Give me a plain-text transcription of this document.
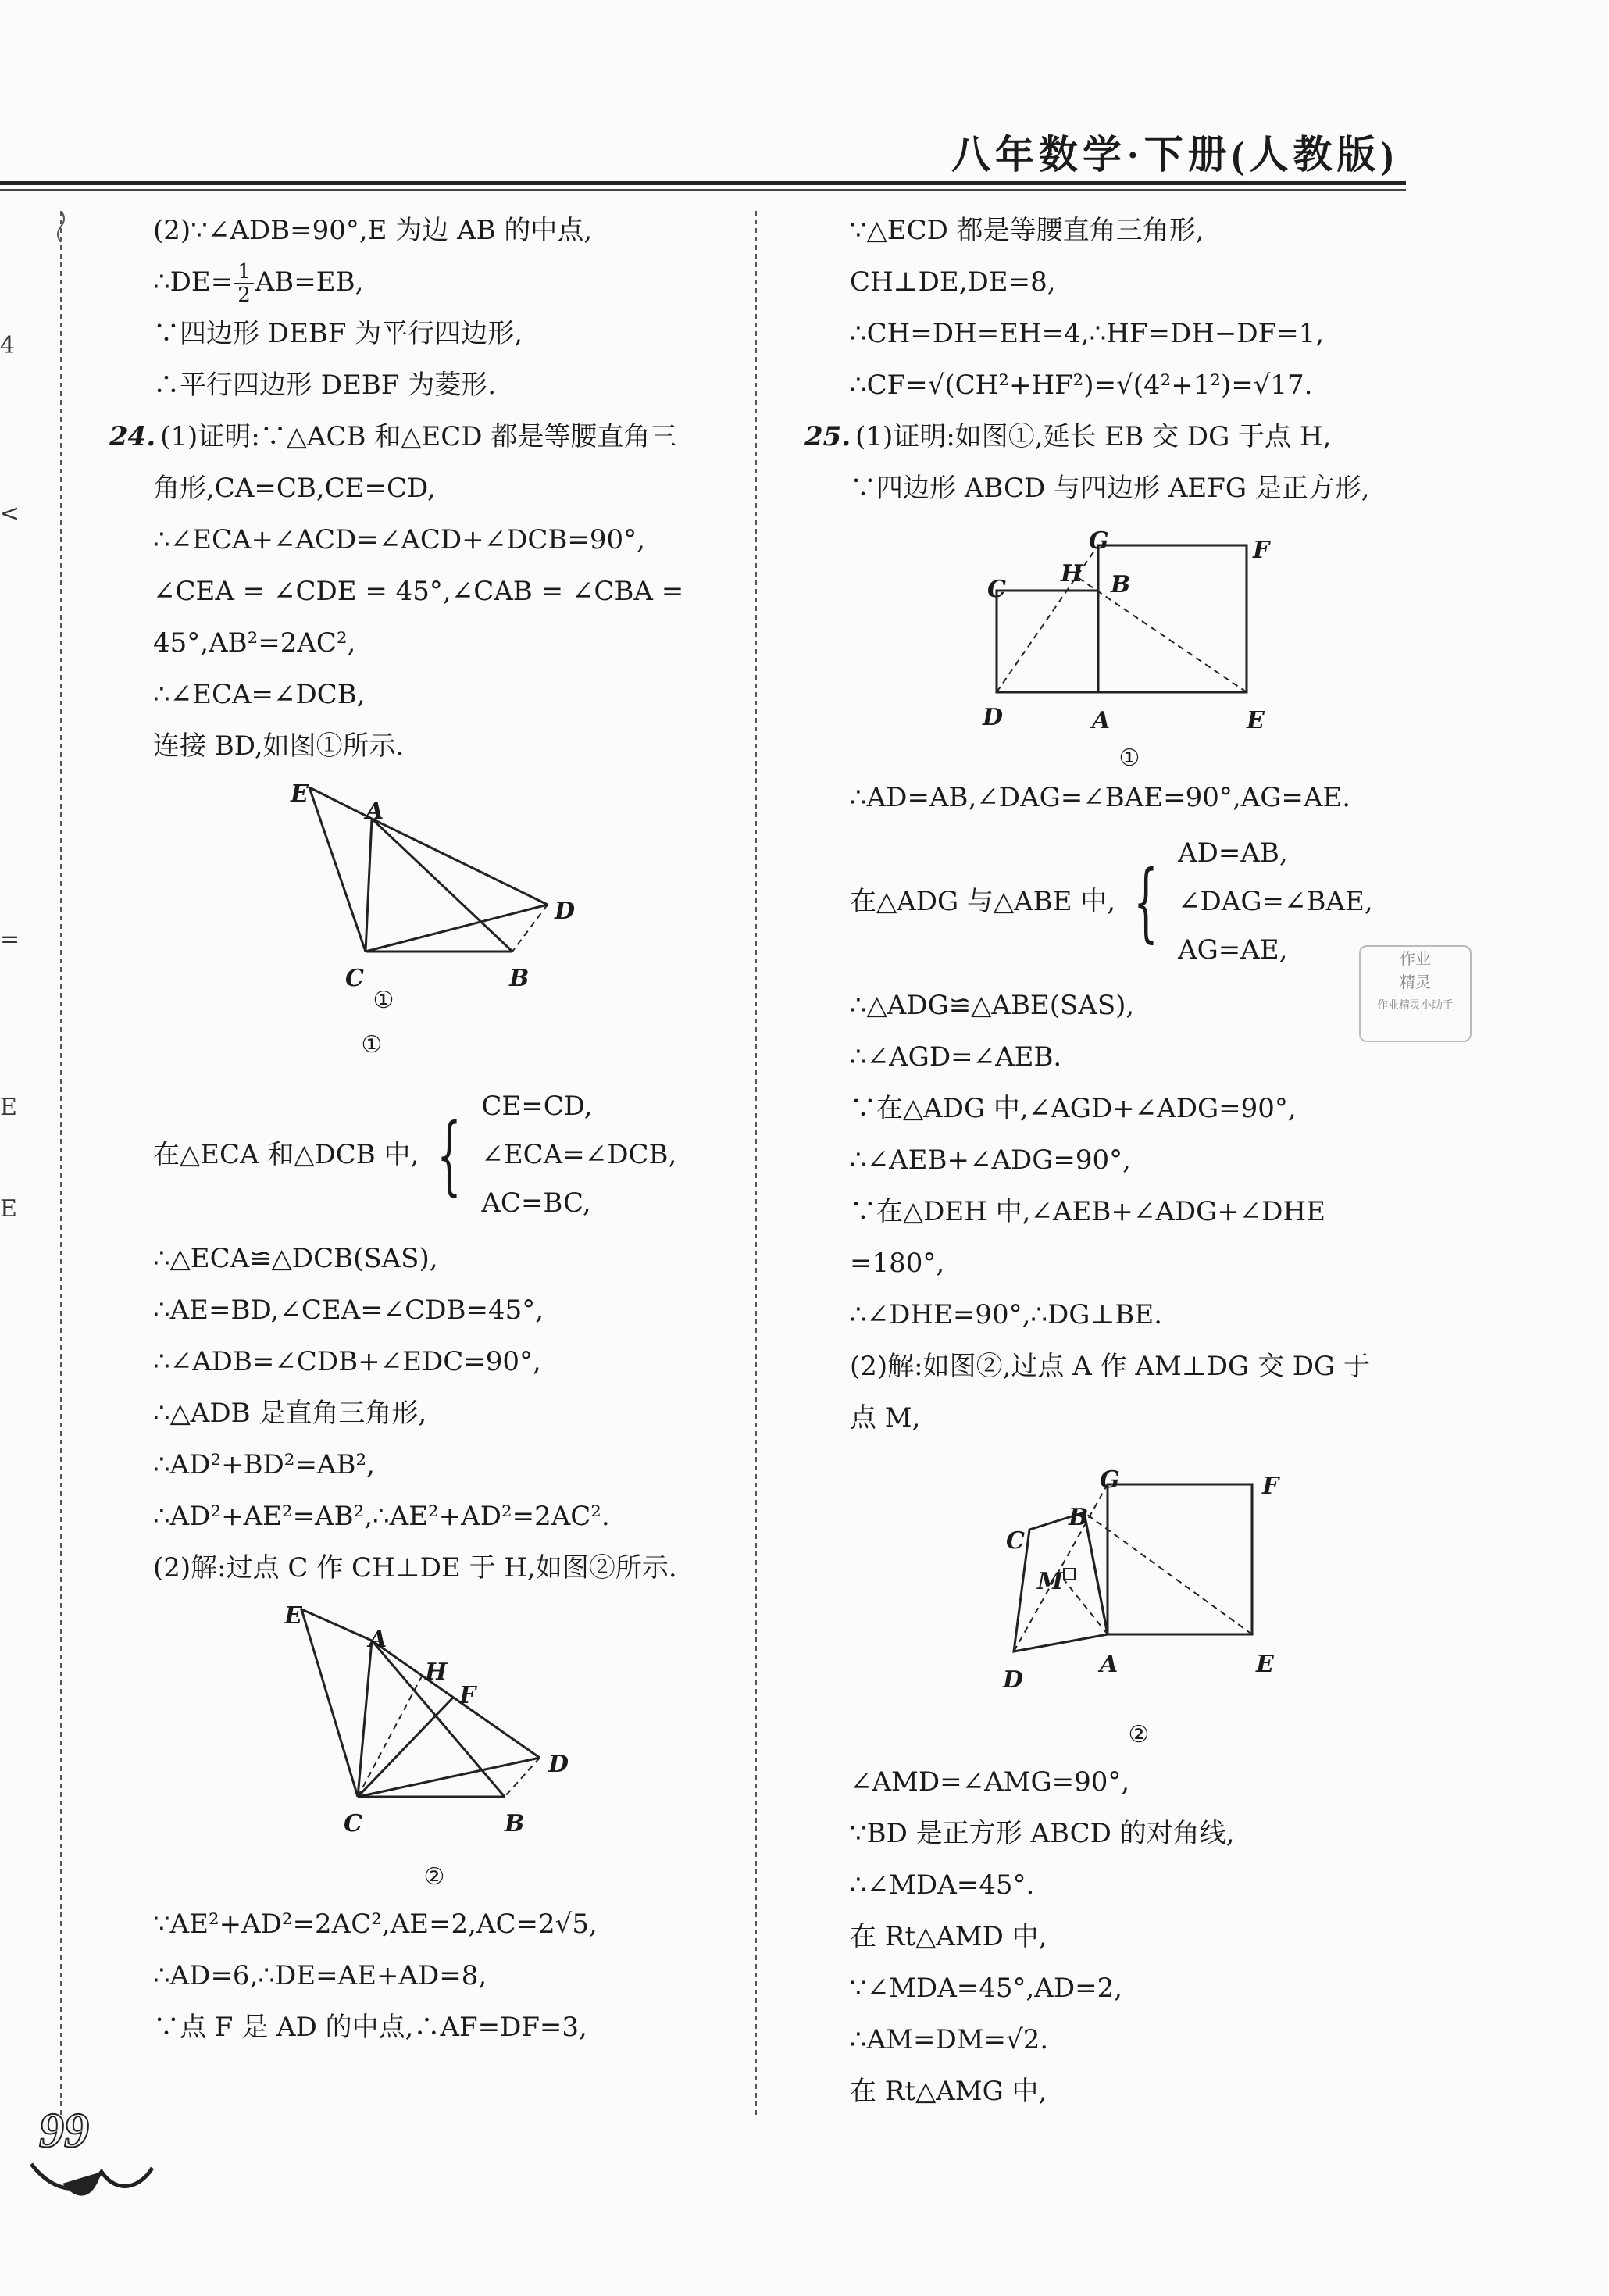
八年数学·下册(人教版)
4
<
=
E
E
(2)∵∠ADB=90°,E 为边 AB 的中点,
∴DE= $\frac{1}{2} AB=EB$,
∵四边形 DEBF 为平行四边形,
∴平行四边形 DEBF 为菱形.
24. (1)证明:∵△ACB 和△ECD 都是等腰直角三
角形,CA=CB,CE=CD,
∴∠ECA+∠ACD=∠ACD+∠DCB=90°,
∠CEA = ∠CDE = 45°,∠CAB = ∠CBA =
45°,AB²=2AC²,
∴∠ECA=∠DCB,
连接 BD,如图①所示.
E
A
D
C	B
①
①
在△ECA 和△DCB 中, { CE=CD,
∠ECA=∠DCB,
AC=BC,
∴△ECA≌△DCB(SAS),
∴AE=BD,∠CEA=∠CDB=45°,
∴∠ADB=∠CDB+∠EDC=90°,
∴△ADB 是直角三角形,
∴AD²+BD²=AB²,
∴AD²+AE²=AB²,∴AE²+AD²=2AC².
(2)解:过点 C 作 CH⊥DE 于 H,如图②所示.
E
A
H
F
D
C	B
②
∵AE²+AD²=2AC²,AE=2,AC=2√5,
∴AD=6,∴DE=AE+AD=8,
∵点 F 是 AD 的中点,∴AF=DF=3,
∵△ECD 都是等腰直角三角形,
CH⊥DE,DE=8,
∴CH=DH=EH=4,∴HF=DH−DF=1,
∴CF=√(CH²+HF²)=√(4²+1²)=√17.
25. (1)证明:如图①,延长 EB 交 DG 于点 H,
∵四边形 ABCD 与四边形 AEFG 是正方形,
G	F
H B
C
D	A	E
①
∴AD=AB,∠DAG=∠BAE=90°,AG=AE.
在△ADG 与△ABE 中, { AD=AB,
∠DAG=∠BAE,
AG=AE,
∴△ADG≌△ABE(SAS),
∴∠AGD=∠AEB.
∵在△ADG 中,∠AGD+∠ADG=90°,
∴∠AEB+∠ADG=90°,
∵在△DEH 中,∠AEB+∠ADG+∠DHE
=180°,
∴∠DHE=90°,∴DG⊥BE.
(2)解:如图②,过点 A 作 AM⊥DG 交 DG 于
点 M,
G	F
B
C
M
D
A	E
②
∠AMD=∠AMG=90°,
∵BD 是正方形 ABCD 的对角线,
∴∠MDA=45°.
在 Rt△AMD 中,
∵∠MDA=45°,AD=2,
∴AM=DM=√2.
在 Rt△AMG 中,
作业
精灵
作业精灵小助手
99
